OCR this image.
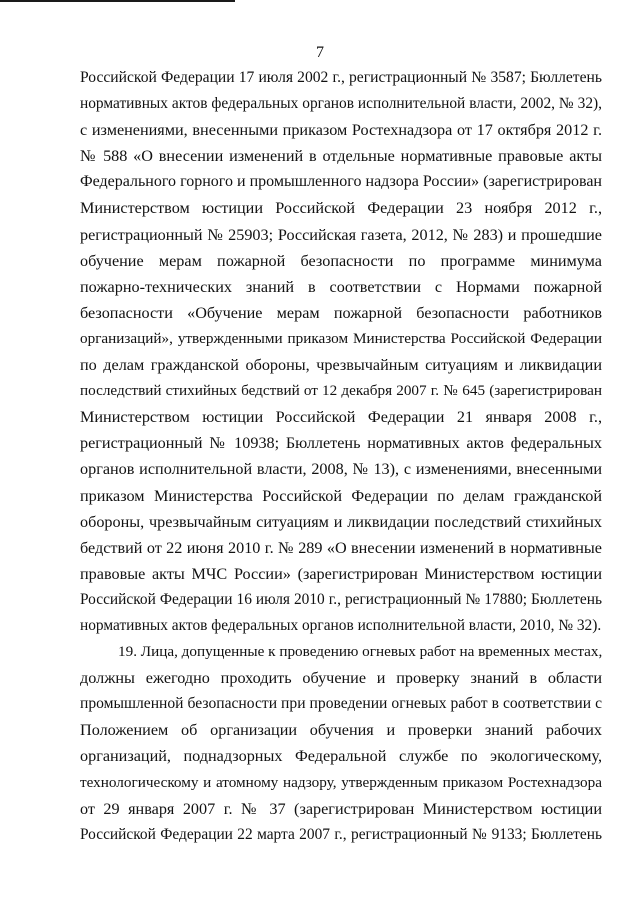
7
Российской Федерации 17 июля 2002 г., регистрационный № 3587; Бюллетень
нормативных актов федеральных органов исполнительной власти, 2002, № 32),
с изменениями, внесенными приказом Ростехнадзора от 17 октября 2012 г.
№ 588 «О внесении изменений в отдельные нормативные правовые акты
Федерального горного и промышленного надзора России» (зарегистрирован
Министерством юстиции Российской Федерации 23 ноября 2012 г.,
регистрационный № 25903; Российская газета, 2012, № 283) и прошедшие
обучение мерам пожарной безопасности по программе минимума
пожарно-технических знаний в соответствии с Нормами пожарной
безопасности «Обучение мерам пожарной безопасности работников
организаций», утвержденными приказом Министерства Российской Федерации
по делам гражданской обороны, чрезвычайным ситуациям и ликвидации
последствий стихийных бедствий от 12 декабря 2007 г. № 645 (зарегистрирован
Министерством юстиции Российской Федерации 21 января 2008 г.,
регистрационный № 10938; Бюллетень нормативных актов федеральных
органов исполнительной власти, 2008, № 13), с изменениями, внесенными
приказом Министерства Российской Федерации по делам гражданской
обороны, чрезвычайным ситуациям и ликвидации последствий стихийных
бедствий от 22 июня 2010 г. № 289 «О внесении изменений в нормативные
правовые акты МЧС России» (зарегистрирован Министерством юстиции
Российской Федерации 16 июля 2010 г., регистрационный № 17880; Бюллетень
нормативных актов федеральных органов исполнительной власти, 2010, № 32).
19. Лица, допущенные к проведению огневых работ на временных местах,
должны ежегодно проходить обучение и проверку знаний в области
промышленной безопасности при проведении огневых работ в соответствии с
Положением об организации обучения и проверки знаний рабочих
организаций, поднадзорных Федеральной службе по экологическому,
технологическому и атомному надзору, утвержденным приказом Ростехнадзора
от 29 января 2007 г. № 37 (зарегистрирован Министерством юстиции
Российской Федерации 22 марта 2007 г., регистрационный № 9133; Бюллетень
